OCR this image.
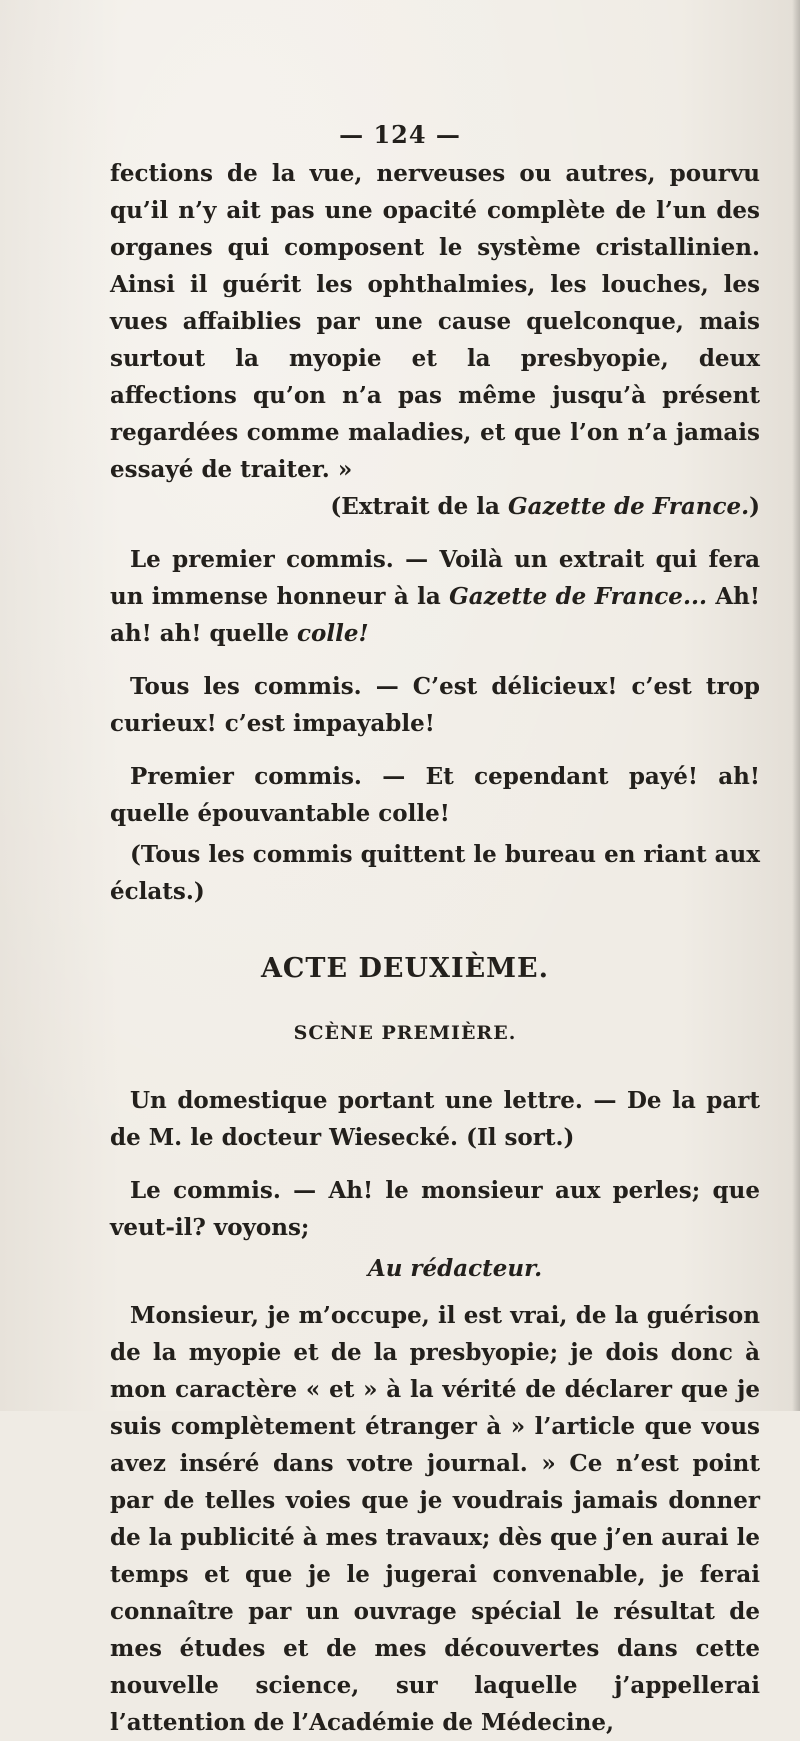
— 124 —

fections de la vue, nerveuses ou autres, pourvu qu’il n’y ait pas une opacité complète de l’un des organes qui composent le système cristallinien. Ainsi il guérit les ophthalmies, les louches, les vues affaiblies par une cause quelconque, mais surtout la myopie et la presbyopie, deux affections qu’on n’a pas même jusqu’à présent regardées comme maladies, et que l’on n’a jamais essayé de traiter. »

(Extrait de la Gazette de France.)

Le premier commis. — Voilà un extrait qui fera un immense honneur à la Gazette de France... Ah! ah! ah! quelle colle!

Tous les commis. — C’est délicieux! c’est trop curieux! c’est impayable!

Premier commis. — Et cependant payé! ah! quelle épouvantable colle!

(Tous les commis quittent le bureau en riant aux éclats.)

ACTE DEUXIÈME.

SCÈNE PREMIÈRE.

Un domestique portant une lettre. — De la part de M. le docteur Wiesecké. (Il sort.)

Le commis. — Ah! le monsieur aux perles; que veut-il? voyons;

Au rédacteur.

Monsieur, je m’occupe, il est vrai, de la guérison de la myopie et de la presbyopie; je dois donc à mon caractère « et » à la vérité de déclarer que je suis complètement étranger à » l’article que vous avez inséré dans votre journal. » Ce n’est point par de telles voies que je voudrais jamais donner de la publicité à mes travaux; dès que j’en aurai le temps et que je le jugerai convenable, je ferai connaître par un ouvrage spécial le résultat de mes études et de mes découvertes dans cette nouvelle science, sur laquelle j’appellerai l’attention de l’Académie de Médecine,
